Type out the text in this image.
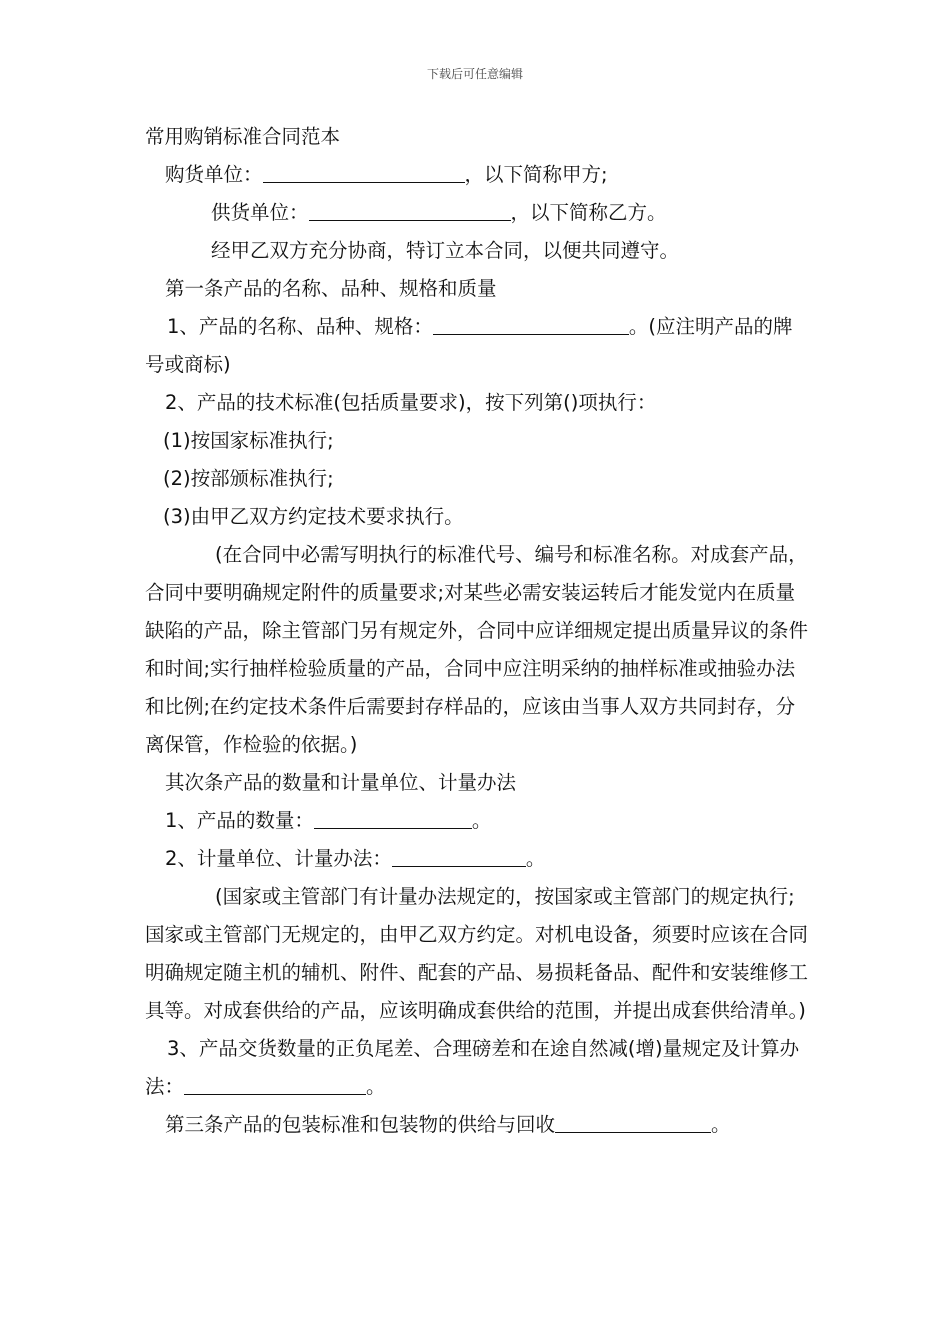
下载后可任意编辑

常用购销标准合同范本

购货单位：	，以下简称甲方;

供货单位：	，以下简称乙方。

经甲乙双方充分协商，特订立本合同，以便共同遵守。

第一条产品的名称、品种、规格和质量

1、产品的名称、品种、规格：	。(应注明产品的牌号或商标)

2、产品的技术标准(包括质量要求)，按下列第()项执行：

(1)按国家标准执行;

(2)按部颁标准执行;

(3)由甲乙双方约定技术要求执行。

(在合同中必需写明执行的标准代号、编号和标准名称。对成套产品，合同中要明确规定附件的质量要求;对某些必需安装运转后才能发觉内在质量缺陷的产品，除主管部门另有规定外，合同中应详细规定提出质量异议的条件和时间;实行抽样检验质量的产品，合同中应注明采纳的抽样标准或抽验办法和比例;在约定技术条件后需要封存样品的，应该由当事人双方共同封存，分离保管，作检验的依据。)

其次条产品的数量和计量单位、计量办法

1、产品的数量：	。

2、计量单位、计量办法：	。

(国家或主管部门有计量办法规定的，按国家或主管部门的规定执行;国家或主管部门无规定的，由甲乙双方约定。对机电设备，须要时应该在合同明确规定随主机的辅机、附件、配套的产品、易损耗备品、配件和安装维修工具等。对成套供给的产品，应该明确成套供给的范围，并提出成套供给清单。)

3、产品交货数量的正负尾差、合理磅差和在途自然减(增)量规定及计算办法：	。

第三条产品的包装标准和包装物的供给与回收	。
